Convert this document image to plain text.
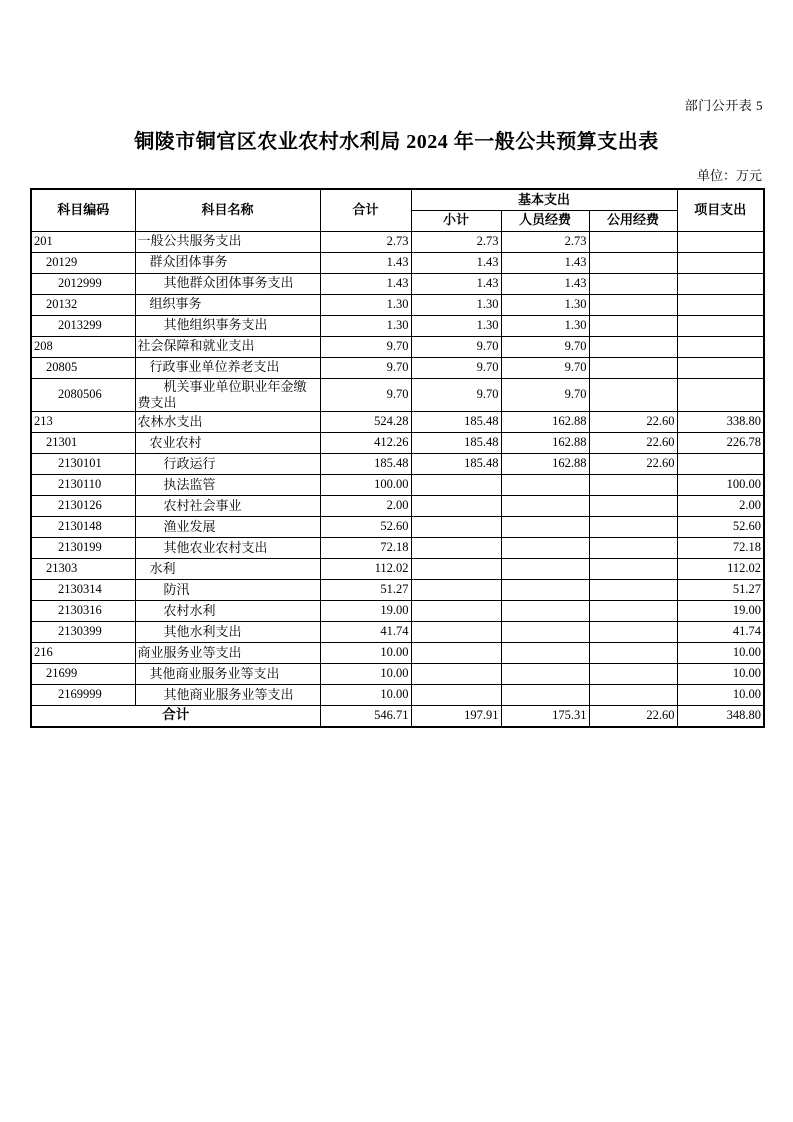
部门公开表 5
铜陵市铜官区农业农村水利局 2024 年一般公共预算支出表
单位：万元
科目编码	科目名称	合计	基本支出			项目支出
			小计	人员经费	公用经费	
201	一般公共服务支出	2.73	2.73	2.73		
20129	群众团体事务	1.43	1.43	1.43		
2012999	其他群众团体事务支出	1.43	1.43	1.43		
20132	组织事务	1.30	1.30	1.30		
2013299	其他组织事务支出	1.30	1.30	1.30		
208	社会保障和就业支出	9.70	9.70	9.70		
20805	行政事业单位养老支出	9.70	9.70	9.70		
2080506	机关事业单位职业年金缴费支出	9.70	9.70	9.70		
213	农林水支出	524.28	185.48	162.88	22.60	338.80
21301	农业农村	412.26	185.48	162.88	22.60	226.78
2130101	行政运行	185.48	185.48	162.88	22.60	
2130110	执法监管	100.00				100.00
2130126	农村社会事业	2.00				2.00
2130148	渔业发展	52.60				52.60
2130199	其他农业农村支出	72.18				72.18
21303	水利	112.02				112.02
2130314	防汛	51.27				51.27
2130316	农村水利	19.00				19.00
2130399	其他水利支出	41.74				41.74
216	商业服务业等支出	10.00				10.00
21699	其他商业服务业等支出	10.00				10.00
2169999	其他商业服务业等支出	10.00				10.00
合计		546.71	197.91	175.31	22.60	348.80
